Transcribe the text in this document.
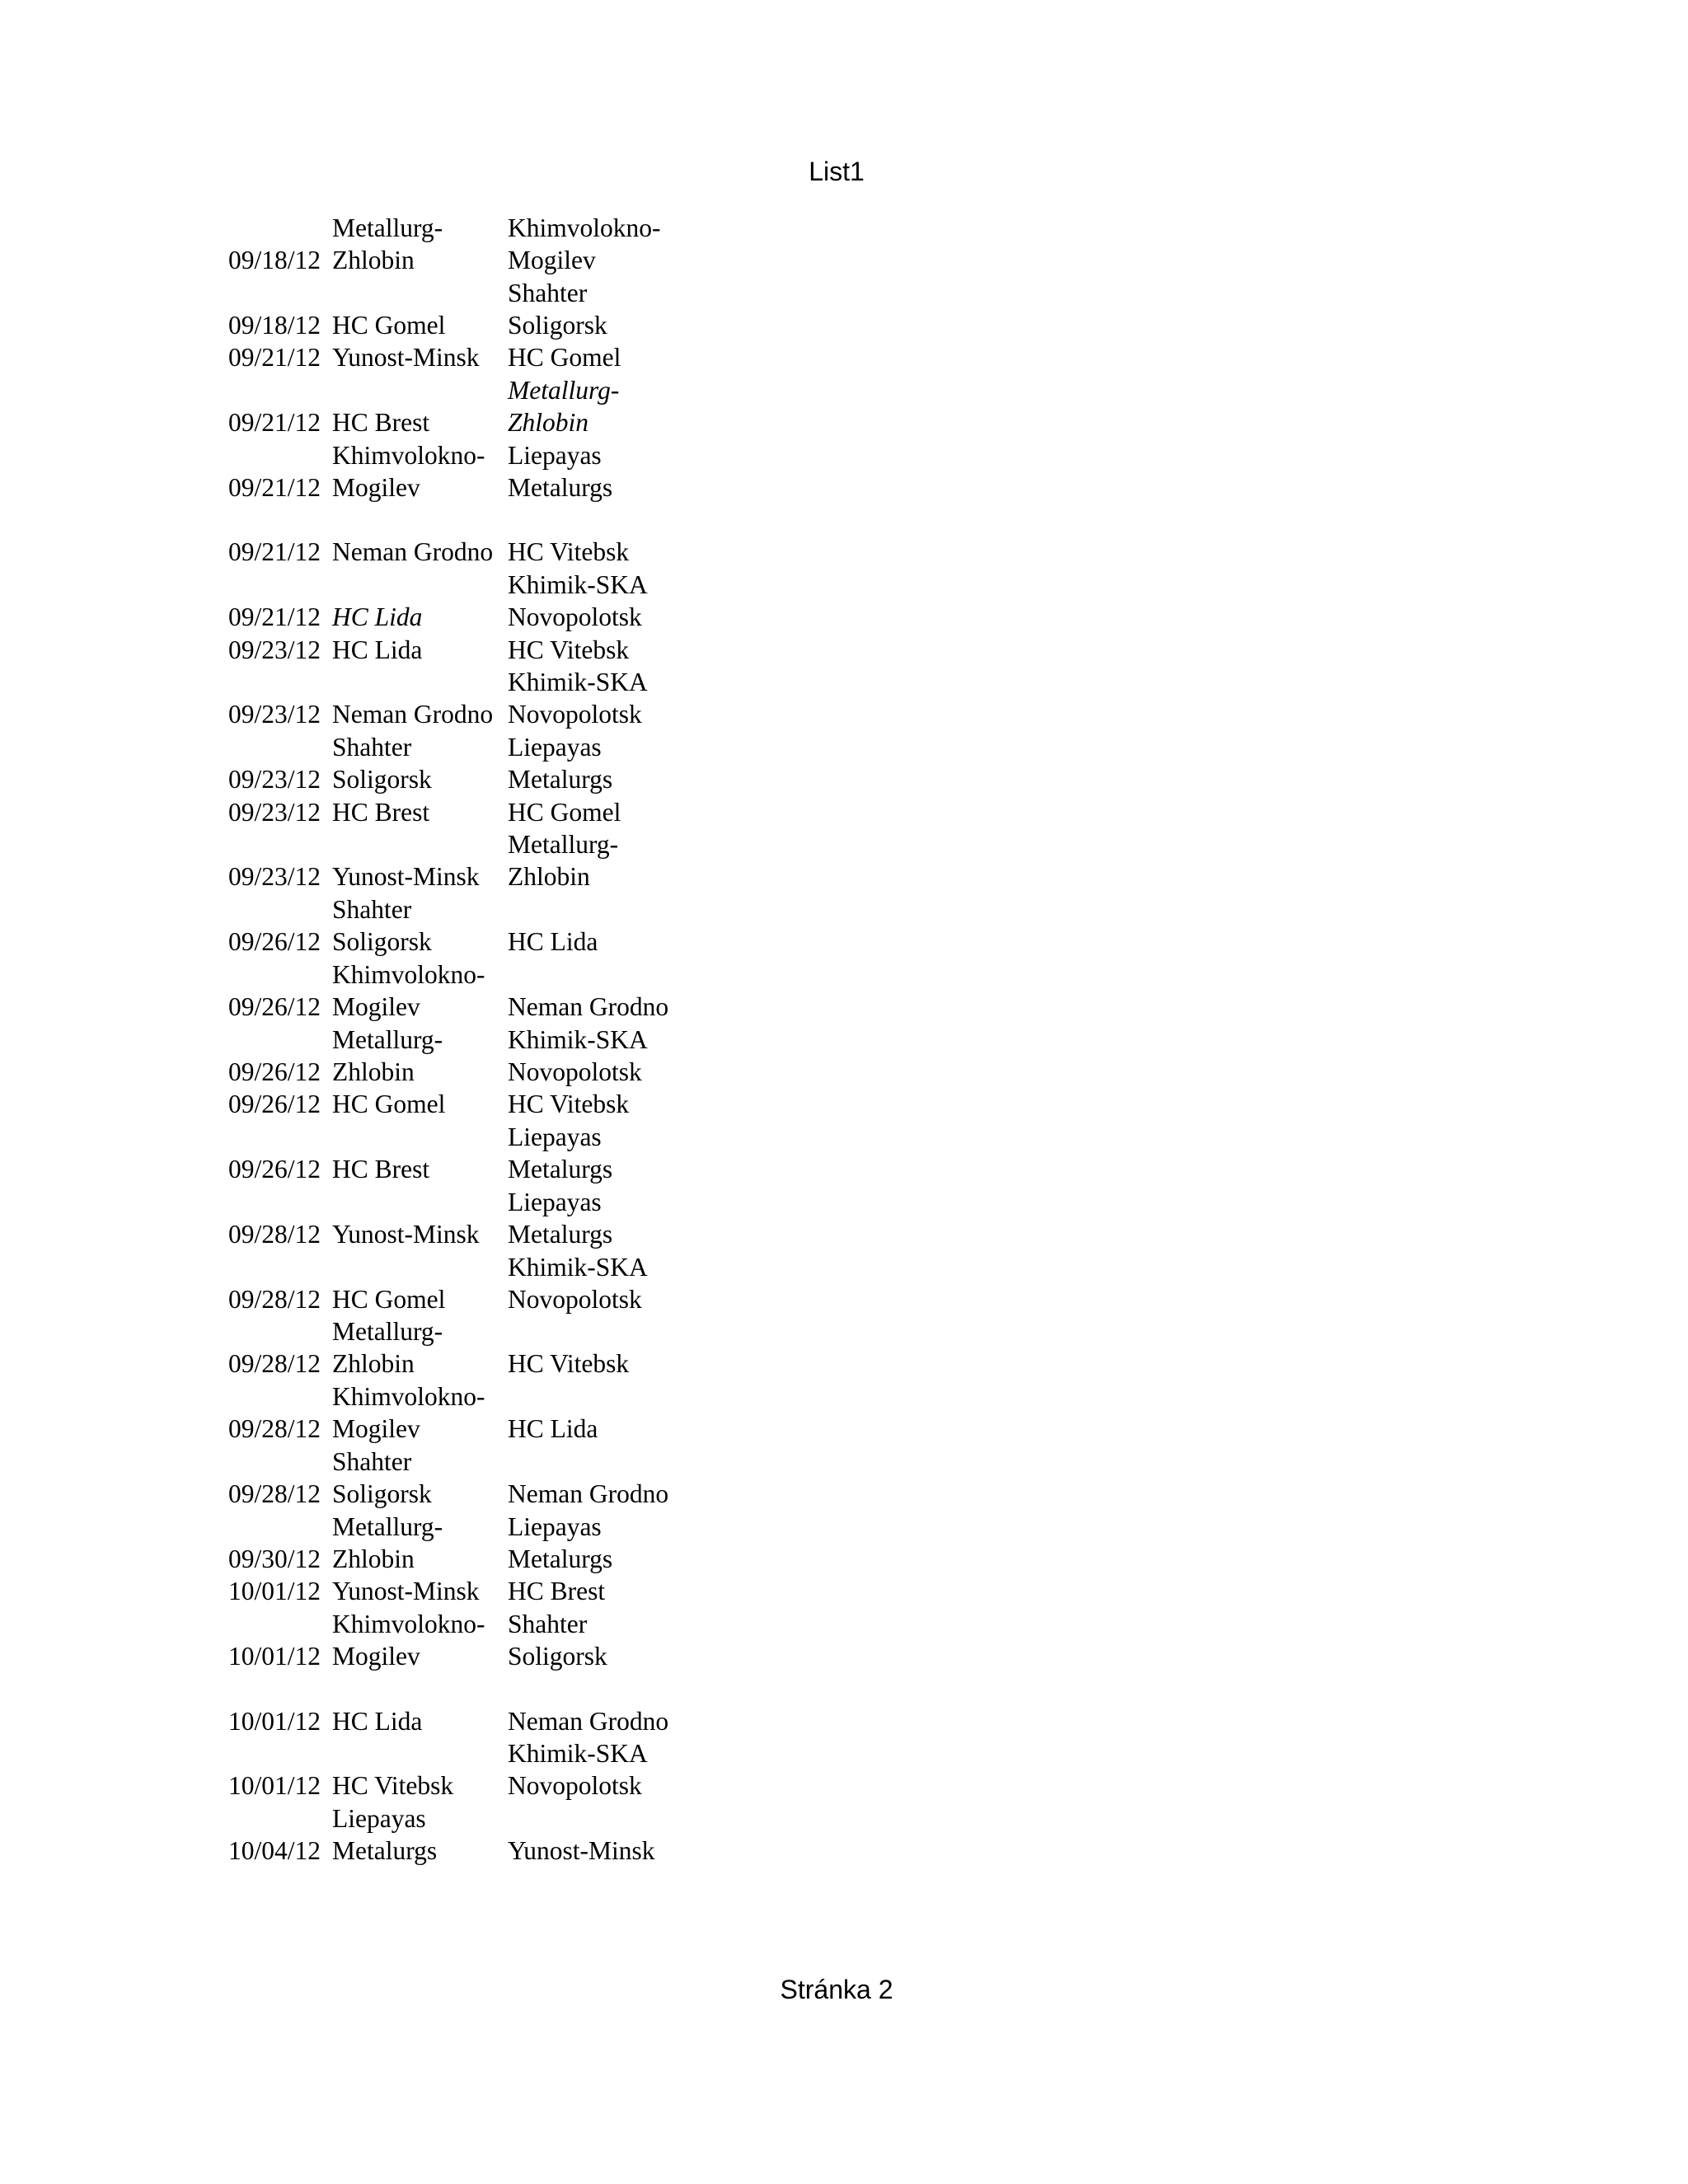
List1
09/18/12	Metallurg-
Zhlobin	Khimvolokno-
Mogilev

09/18/12	HC Gomel	Shahter
Soligorsk

09/21/12	Yunost-Minsk	HC Gomel

09/21/12	HC Brest	Metallurg-
Zhlobin

09/21/12	Khimvolokno-
Mogilev	Liepayas
Metalurgs

09/21/12	Neman Grodno	HC Vitebsk

09/21/12	HC Lida	Khimik-SKA
Novopolotsk

09/23/12	HC Lida	HC Vitebsk

09/23/12	Neman Grodno	Khimik-SKA
Novopolotsk

09/23/12	Shahter
Soligorsk	Liepayas
Metalurgs

09/23/12	HC Brest	HC Gomel

09/23/12	Yunost-Minsk	Metallurg-
Zhlobin

09/26/12	Shahter
Soligorsk	HC Lida

09/26/12	Khimvolokno-
Mogilev	Neman Grodno

09/26/12	Metallurg-
Zhlobin	Khimik-SKA
Novopolotsk

09/26/12	HC Gomel	HC Vitebsk

09/26/12	HC Brest	Liepayas
Metalurgs

09/28/12	Yunost-Minsk	Liepayas
Metalurgs

09/28/12	HC Gomel	Khimik-SKA
Novopolotsk

09/28/12	Metallurg-
Zhlobin	HC Vitebsk

09/28/12	Khimvolokno-
Mogilev	HC Lida

09/28/12	Shahter
Soligorsk	Neman Grodno

09/30/12	Metallurg-
Zhlobin	Liepayas
Metalurgs

10/01/12	Yunost-Minsk	HC Brest

10/01/12	Khimvolokno-
Mogilev	Shahter
Soligorsk

10/01/12	HC Lida	Neman Grodno

10/01/12	HC Vitebsk	Khimik-SKA
Novopolotsk

10/04/12	Liepayas
Metalurgs	Yunost-Minsk
Stránka 2
